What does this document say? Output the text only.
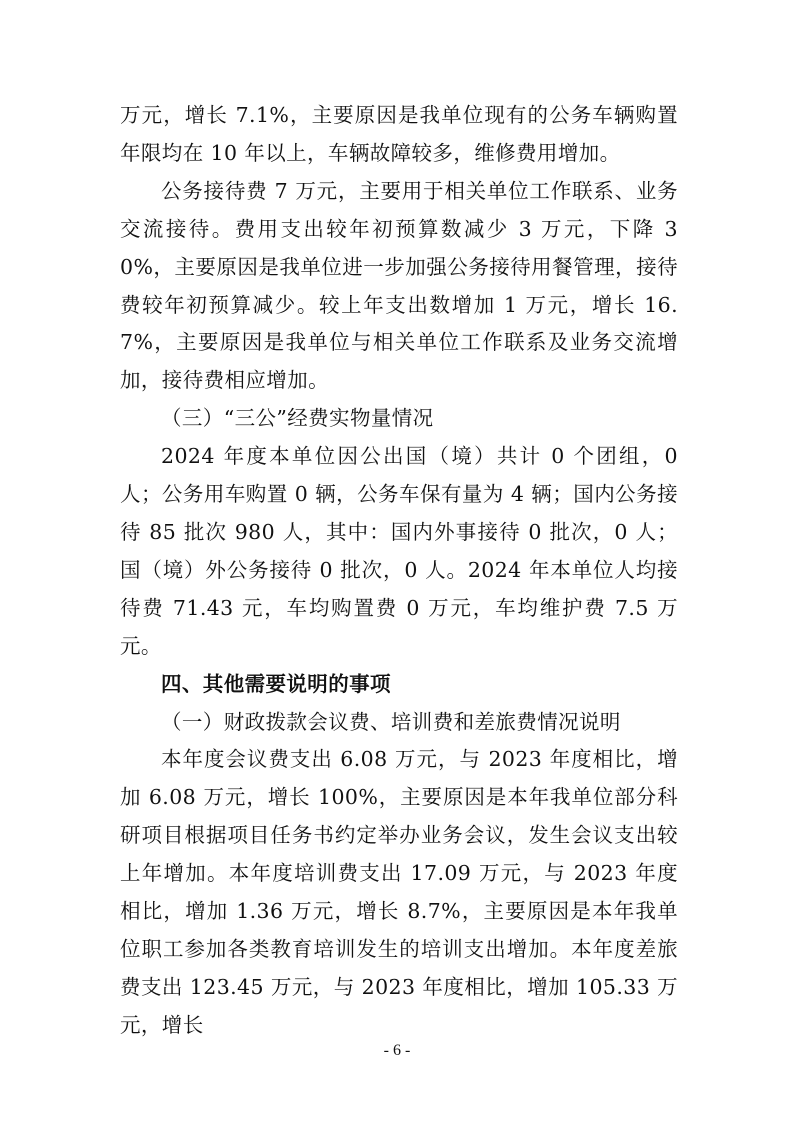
万元，增长 7.1%，主要原因是我单位现有的公务车辆购置年限均在 10 年以上，车辆故障较多，维修费用增加。

公务接待费 7 万元，主要用于相关单位工作联系、业务交流接待。费用支出较年初预算数减少 3 万元，下降 30%，主要原因是我单位进一步加强公务接待用餐管理，接待费较年初预算减少。较上年支出数增加 1 万元，增长 16.7%，主要原因是我单位与相关单位工作联系及业务交流增加，接待费相应增加。

（三）“三公”经费实物量情况

2024 年度本单位因公出国（境）共计 0 个团组，0 人；公务用车购置 0 辆，公务车保有量为 4 辆；国内公务接待 85 批次 980 人，其中：国内外事接待 0 批次，0 人；国（境）外公务接待 0 批次，0 人。2024 年本单位人均接待费 71.43 元，车均购置费 0 万元，车均维护费 7.5 万元。

四、其他需要说明的事项

（一）财政拨款会议费、培训费和差旅费情况说明

本年度会议费支出 6.08 万元，与 2023 年度相比，增加 6.08 万元，增长 100%，主要原因是本年我单位部分科研项目根据项目任务书约定举办业务会议，发生会议支出较上年增加。本年度培训费支出 17.09 万元，与 2023 年度相比，增加 1.36 万元，增长 8.7%，主要原因是本年我单位职工参加各类教育培训发生的培训支出增加。本年度差旅费支出 123.45 万元，与 2023 年度相比，增加 105.33 万元，增长

- 6 -
